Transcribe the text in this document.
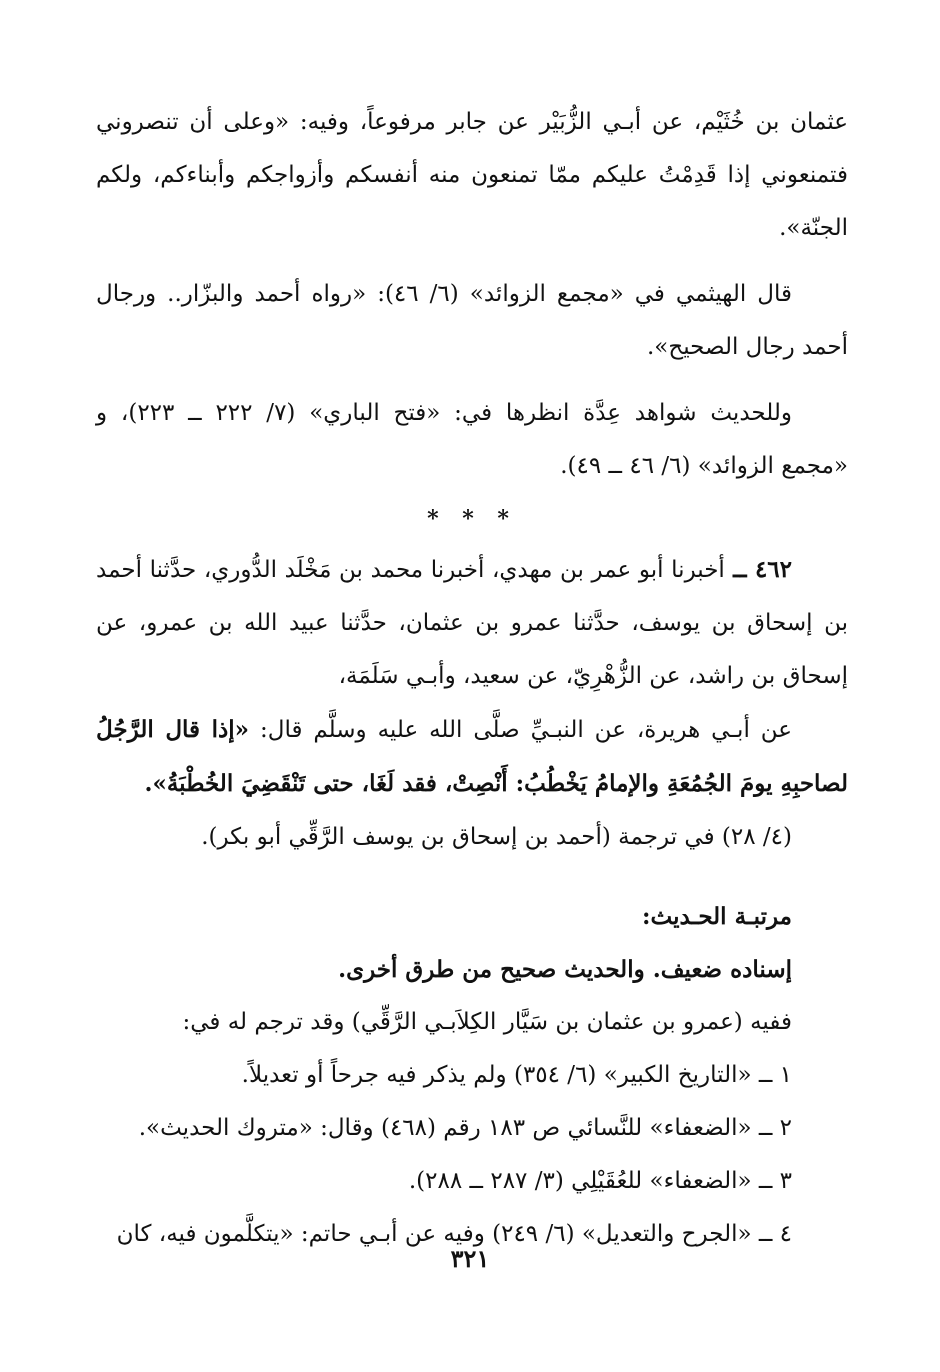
عثمان بن خُثَيْم، عن أبـي الزُّبَيْر عن جابر مرفوعاً، وفيه: «وعلى أن تنصروني فتمنعوني إذا قَدِمْتُ عليكم ممّا تمنعون منه أنفسكم وأزواجكم وأبناءكم، ولكم الجنّة».

قال الهيثمي في «مجمع الزوائد» (٦/ ٤٦): «رواه أحمد والبزّار.. ورجال أحمد رجال الصحيح».

وللحديث شواهد عِدَّة انظرها في: «فتح الباري» (٧/ ٢٢٢ ــ ٢٢٣)، و «مجمع الزوائد» (٦/ ٤٦ ــ ٤٩).

* * *

٤٦٢ ــ أخبرنا أبو عمر بن مهدي، أخبرنا محمد بن مَخْلَد الدُّوري، حدَّثنا أحمد بن إسحاق بن يوسف، حدَّثنا عمرو بن عثمان، حدَّثنا عبيد الله بن عمرو، عن إسحاق بن راشد، عن الزُّهْرِيّ، عن سعيد، وأبـي سَلَمَة،

عن أبـي هريرة، عن النبـيِّ صلَّى الله عليه وسلَّم قال: «إذا قال الرَّجُلُ لصاحبِهِ يومَ الجُمُعَةِ والإمامُ يَخْطُبُ: أَنْصِتْ، فقد لَغَا، حتى تَنْقَضِيَ الخُطْبَةُ».

(٤/ ٢٨) في ترجمة (أحمد بن إسحاق بن يوسف الرَّقِّي أبو بكر).

مرتبـة الحـديث:

إسناده ضعيف. والحديث صحيح من طرق أخرى.

ففيه (عمرو بن عثمان بن سَيَّار الكِلاَبـي الرَّقِّي) وقد ترجم له في:

١ ــ «التاريخ الكبير» (٦/ ٣٥٤) ولم يذكر فيه جرحاً أو تعديلاً.

٢ ــ «الضعفاء» للنَّسائي ص ١٨٣ رقم (٤٦٨) وقال: «متروك الحديث».

٣ ــ «الضعفاء» للعُقَيْلِي (٣/ ٢٨٧ ــ ٢٨٨).

٤ ــ «الجرح والتعديل» (٦/ ٢٤٩) وفيه عن أبـي حاتم: «يتكلَّمون فيه، كان

٣٢١
